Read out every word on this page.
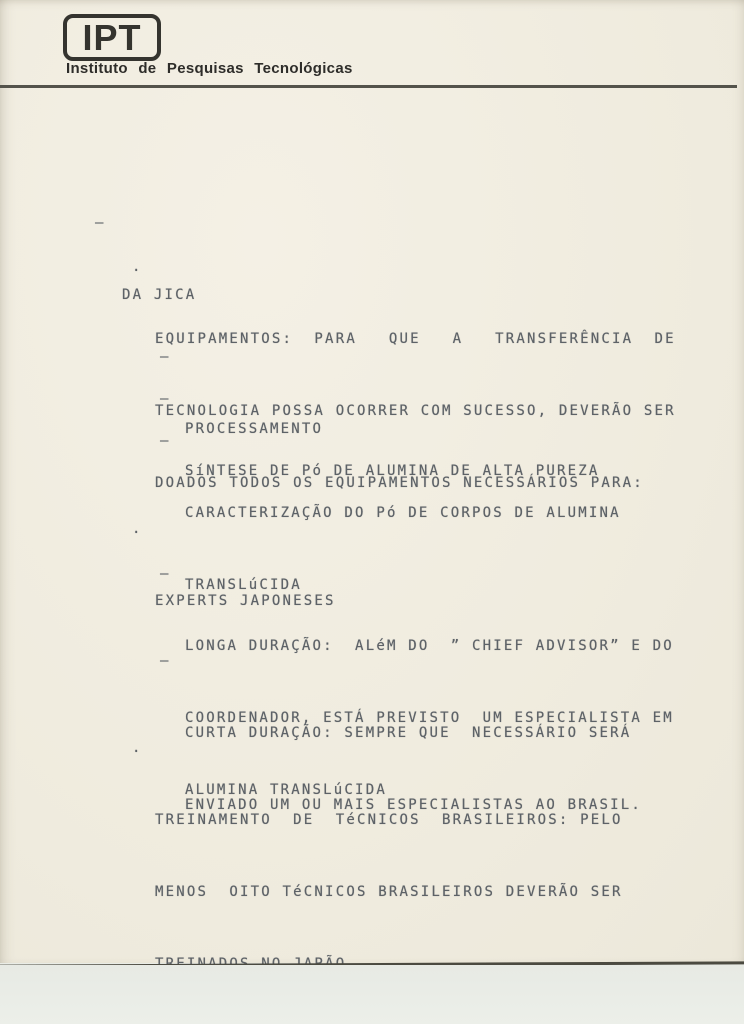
IPT
Instituto de Pesquisas Tecnológicas

–

DA JICA

.

EQUIPAMENTOS:  PARA   QUE   A   TRANSFERÊNCIA  DE

TECNOLOGIA POSSA OCORRER COM SUCESSO, DEVERÃO SER

DOADOS TODOS OS EQUIPAMENTOS NECESSÁRIOS PARA:

–

PROCESSAMENTO

–

SíNTESE DE Pó DE ALUMINA DE ALTA PUREZA

–

CARACTERIZAÇÃO DO Pó DE CORPOS DE ALUMINA

TRANSLúCIDA

.

EXPERTS JAPONESES

–

LONGA DURAÇÃO:  ALéM DO  ” CHIEF ADVISOR” E DO

COORDENADOR, ESTÁ PREVISTO  UM ESPECIALISTA EM

ALUMINA TRANSLúCIDA

–

CURTA DURAÇÃO: SEMPRE QUE  NECESSÁRIO SERÁ

ENVIADO UM OU MAIS ESPECIALISTAS AO BRASIL.

.

TREINAMENTO  DE  TéCNICOS  BRASILEIROS: PELO

MENOS  OITO TéCNICOS BRASILEIROS DEVERÃO SER
